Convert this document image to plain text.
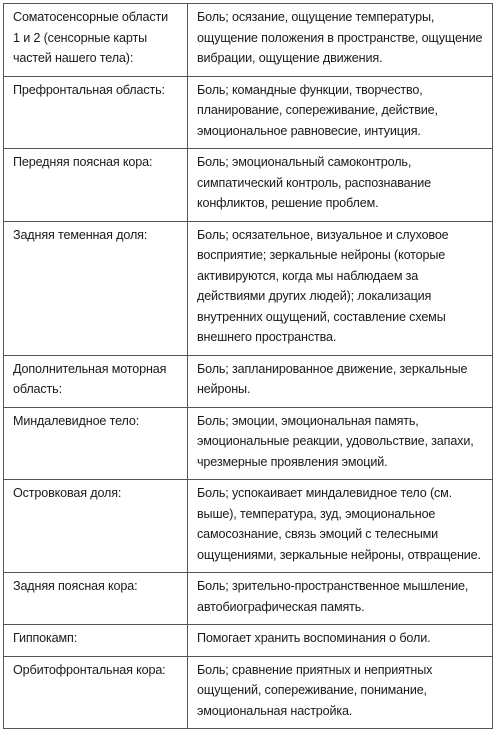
Соматосенсорные области 1 и 2 (сенсорные карты частей нашего тела):	Боль; осязание, ощущение температуры, ощущение положения в пространстве, ощущение вибрации, ощущение движения.
Префронтальная область:	Боль; командные функции, творчество, планирование, сопереживание, действие, эмоциональное равновесие, интуиция.
Передняя поясная кора:	Боль; эмоциональный самоконтроль, симпатический контроль, распознавание конфликтов, решение проблем.
Задняя теменная доля:	Боль; осязательное, визуальное и слуховое восприятие; зеркальные нейроны (которые активируются, когда мы наблюдаем за действиями других людей); локализация внутренних ощущений, составление схемы внешнего пространства.
Дополнительная моторная область:	Боль; запланированное движение, зеркальные нейроны.
Миндалевидное тело:	Боль; эмоции, эмоциональная память, эмоциональные реакции, удовольствие, запахи, чрезмерные проявления эмоций.
Островковая доля:	Боль; успокаивает миндалевидное тело (см. выше), температура, зуд, эмоциональное самосознание, связь эмоций с телесными ощущениями, зеркальные нейроны, отвращение.
Задняя поясная кора:	Боль; зрительно-пространственное мышление, автобиографическая память.
Гиппокамп:	Помогает хранить воспоминания о боли.
Орбитофронтальная кора:	Боль; сравнение приятных и неприятных ощущений, сопереживание, понимание, эмоциональная настройка.
